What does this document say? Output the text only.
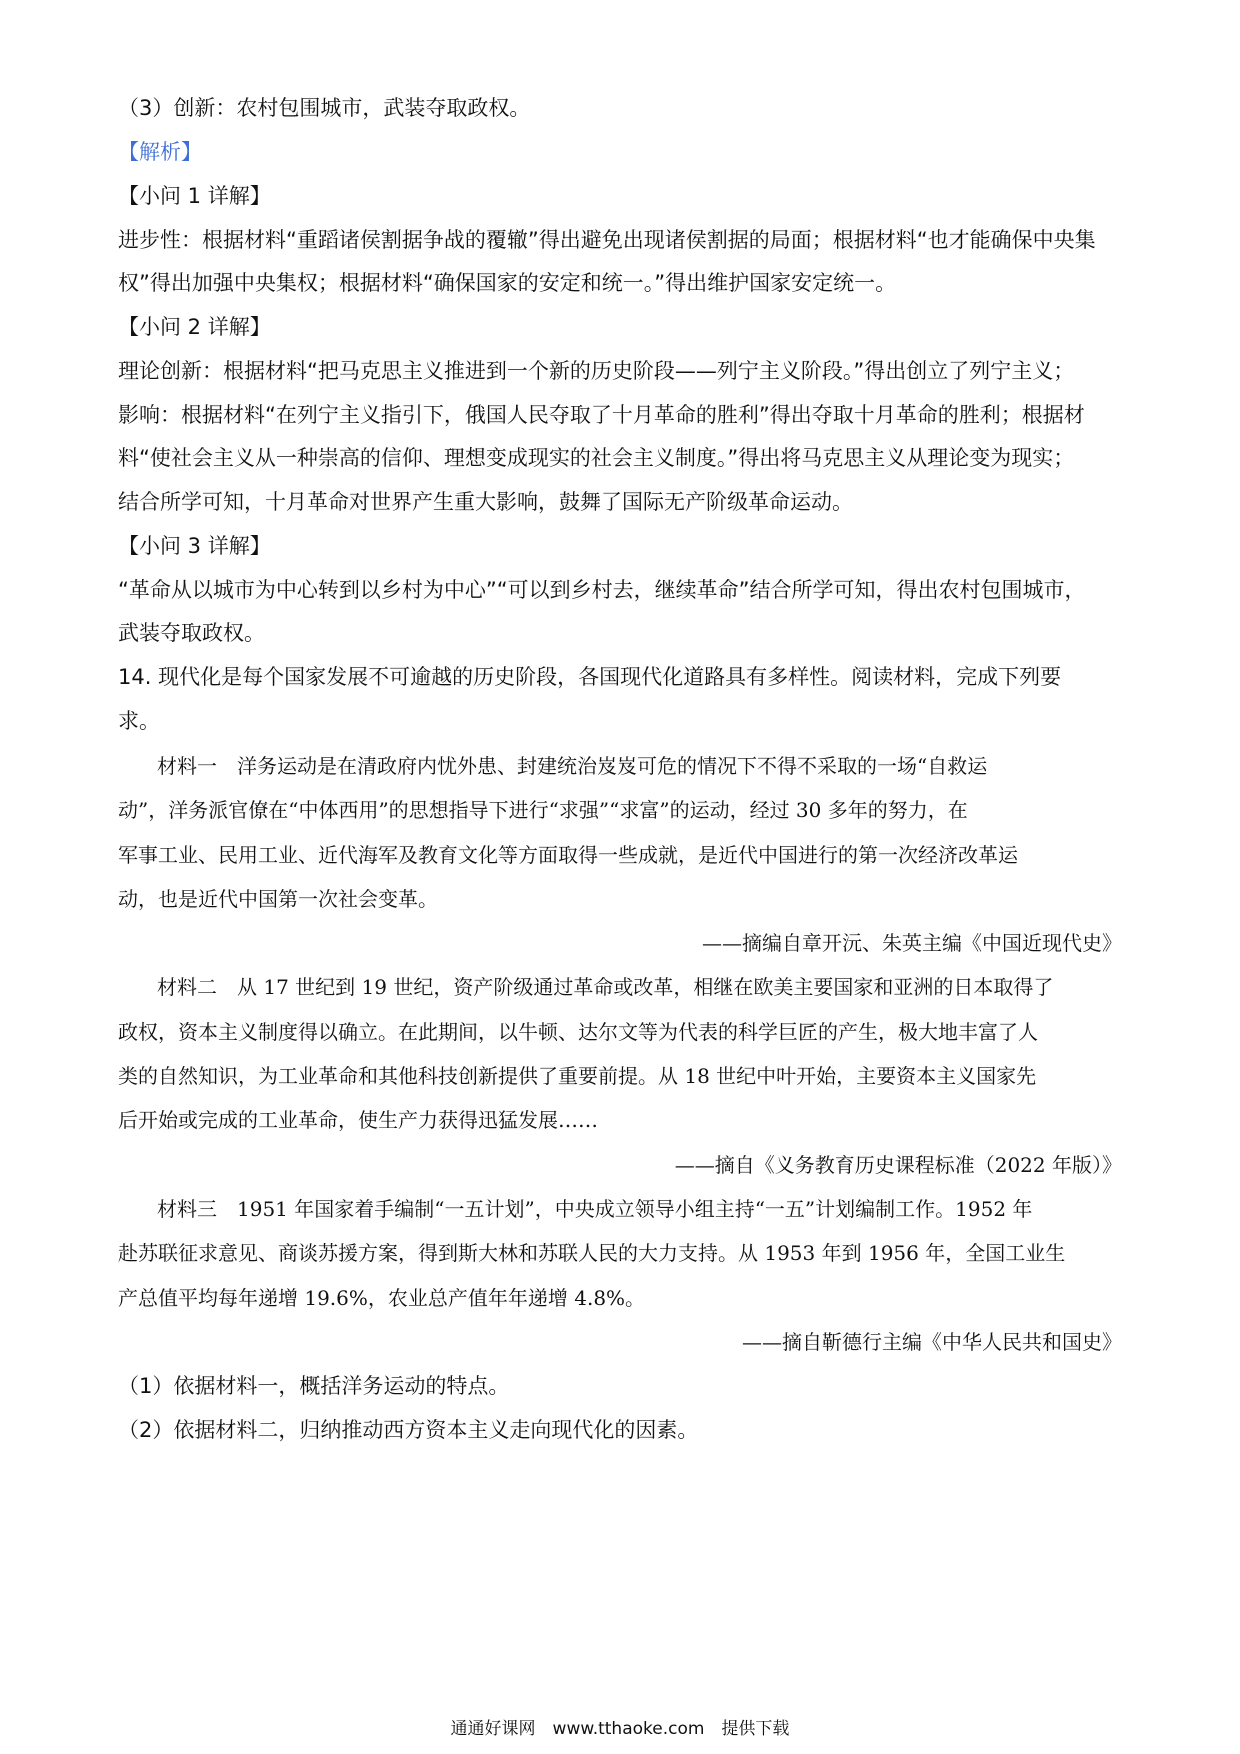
（3）创新：农村包围城市，武装夺取政权。
【解析】
【小问 1 详解】
进步性：根据材料“重蹈诸侯割据争战的覆辙”得出避免出现诸侯割据的局面；根据材料“也才能确保中央集
权”得出加强中央集权；根据材料“确保国家的安定和统一。”得出维护国家安定统一。
【小问 2 详解】
理论创新：根据材料“把马克思主义推进到一个新的历史阶段——列宁主义阶段。”得出创立了列宁主义；
影响：根据材料“在列宁主义指引下，俄国人民夺取了十月革命的胜利”得出夺取十月革命的胜利；根据材
料“使社会主义从一种崇高的信仰、理想变成现实的社会主义制度。”得出将马克思主义从理论变为现实；
结合所学可知，十月革命对世界产生重大影响，鼓舞了国际无产阶级革命运动。
【小问 3 详解】
“革命从以城市为中心转到以乡村为中心”“可以到乡村去，继续革命”结合所学可知，得出农村包围城市，
武装夺取政权。
14. 现代化是每个国家发展不可逾越的历史阶段，各国现代化道路具有多样性。阅读材料，完成下列要
求。
材料一　洋务运动是在清政府内忧外患、封建统治岌岌可危的情况下不得不采取的一场“自救运
动”，洋务派官僚在“中体西用”的思想指导下进行“求强”“求富”的运动，经过 30 多年的努力，在
军事工业、民用工业、近代海军及教育文化等方面取得一些成就，是近代中国进行的第一次经济改革运
动，也是近代中国第一次社会变革。
——摘编自章开沅、朱英主编《中国近现代史》
材料二　从 17 世纪到 19 世纪，资产阶级通过革命或改革，相继在欧美主要国家和亚洲的日本取得了
政权，资本主义制度得以确立。在此期间，以牛顿、达尔文等为代表的科学巨匠的产生，极大地丰富了人
类的自然知识，为工业革命和其他科技创新提供了重要前提。从 18 世纪中叶开始，主要资本主义国家先
后开始或完成的工业革命，使生产力获得迅猛发展……
——摘自《义务教育历史课程标准（2022 年版）》
材料三　1951 年国家着手编制“一五计划”，中央成立领导小组主持“一五”计划编制工作。1952 年
赴苏联征求意见、商谈苏援方案，得到斯大林和苏联人民的大力支持。从 1953 年到 1956 年，全国工业生
产总值平均每年递增 19.6%，农业总产值年年递增 4.8%。
——摘自靳德行主编《中华人民共和国史》
（1）依据材料一，概括洋务运动的特点。
（2）依据材料二，归纳推动西方资本主义走向现代化的因素。
通通好课网　www.tthaoke.com　提供下载
